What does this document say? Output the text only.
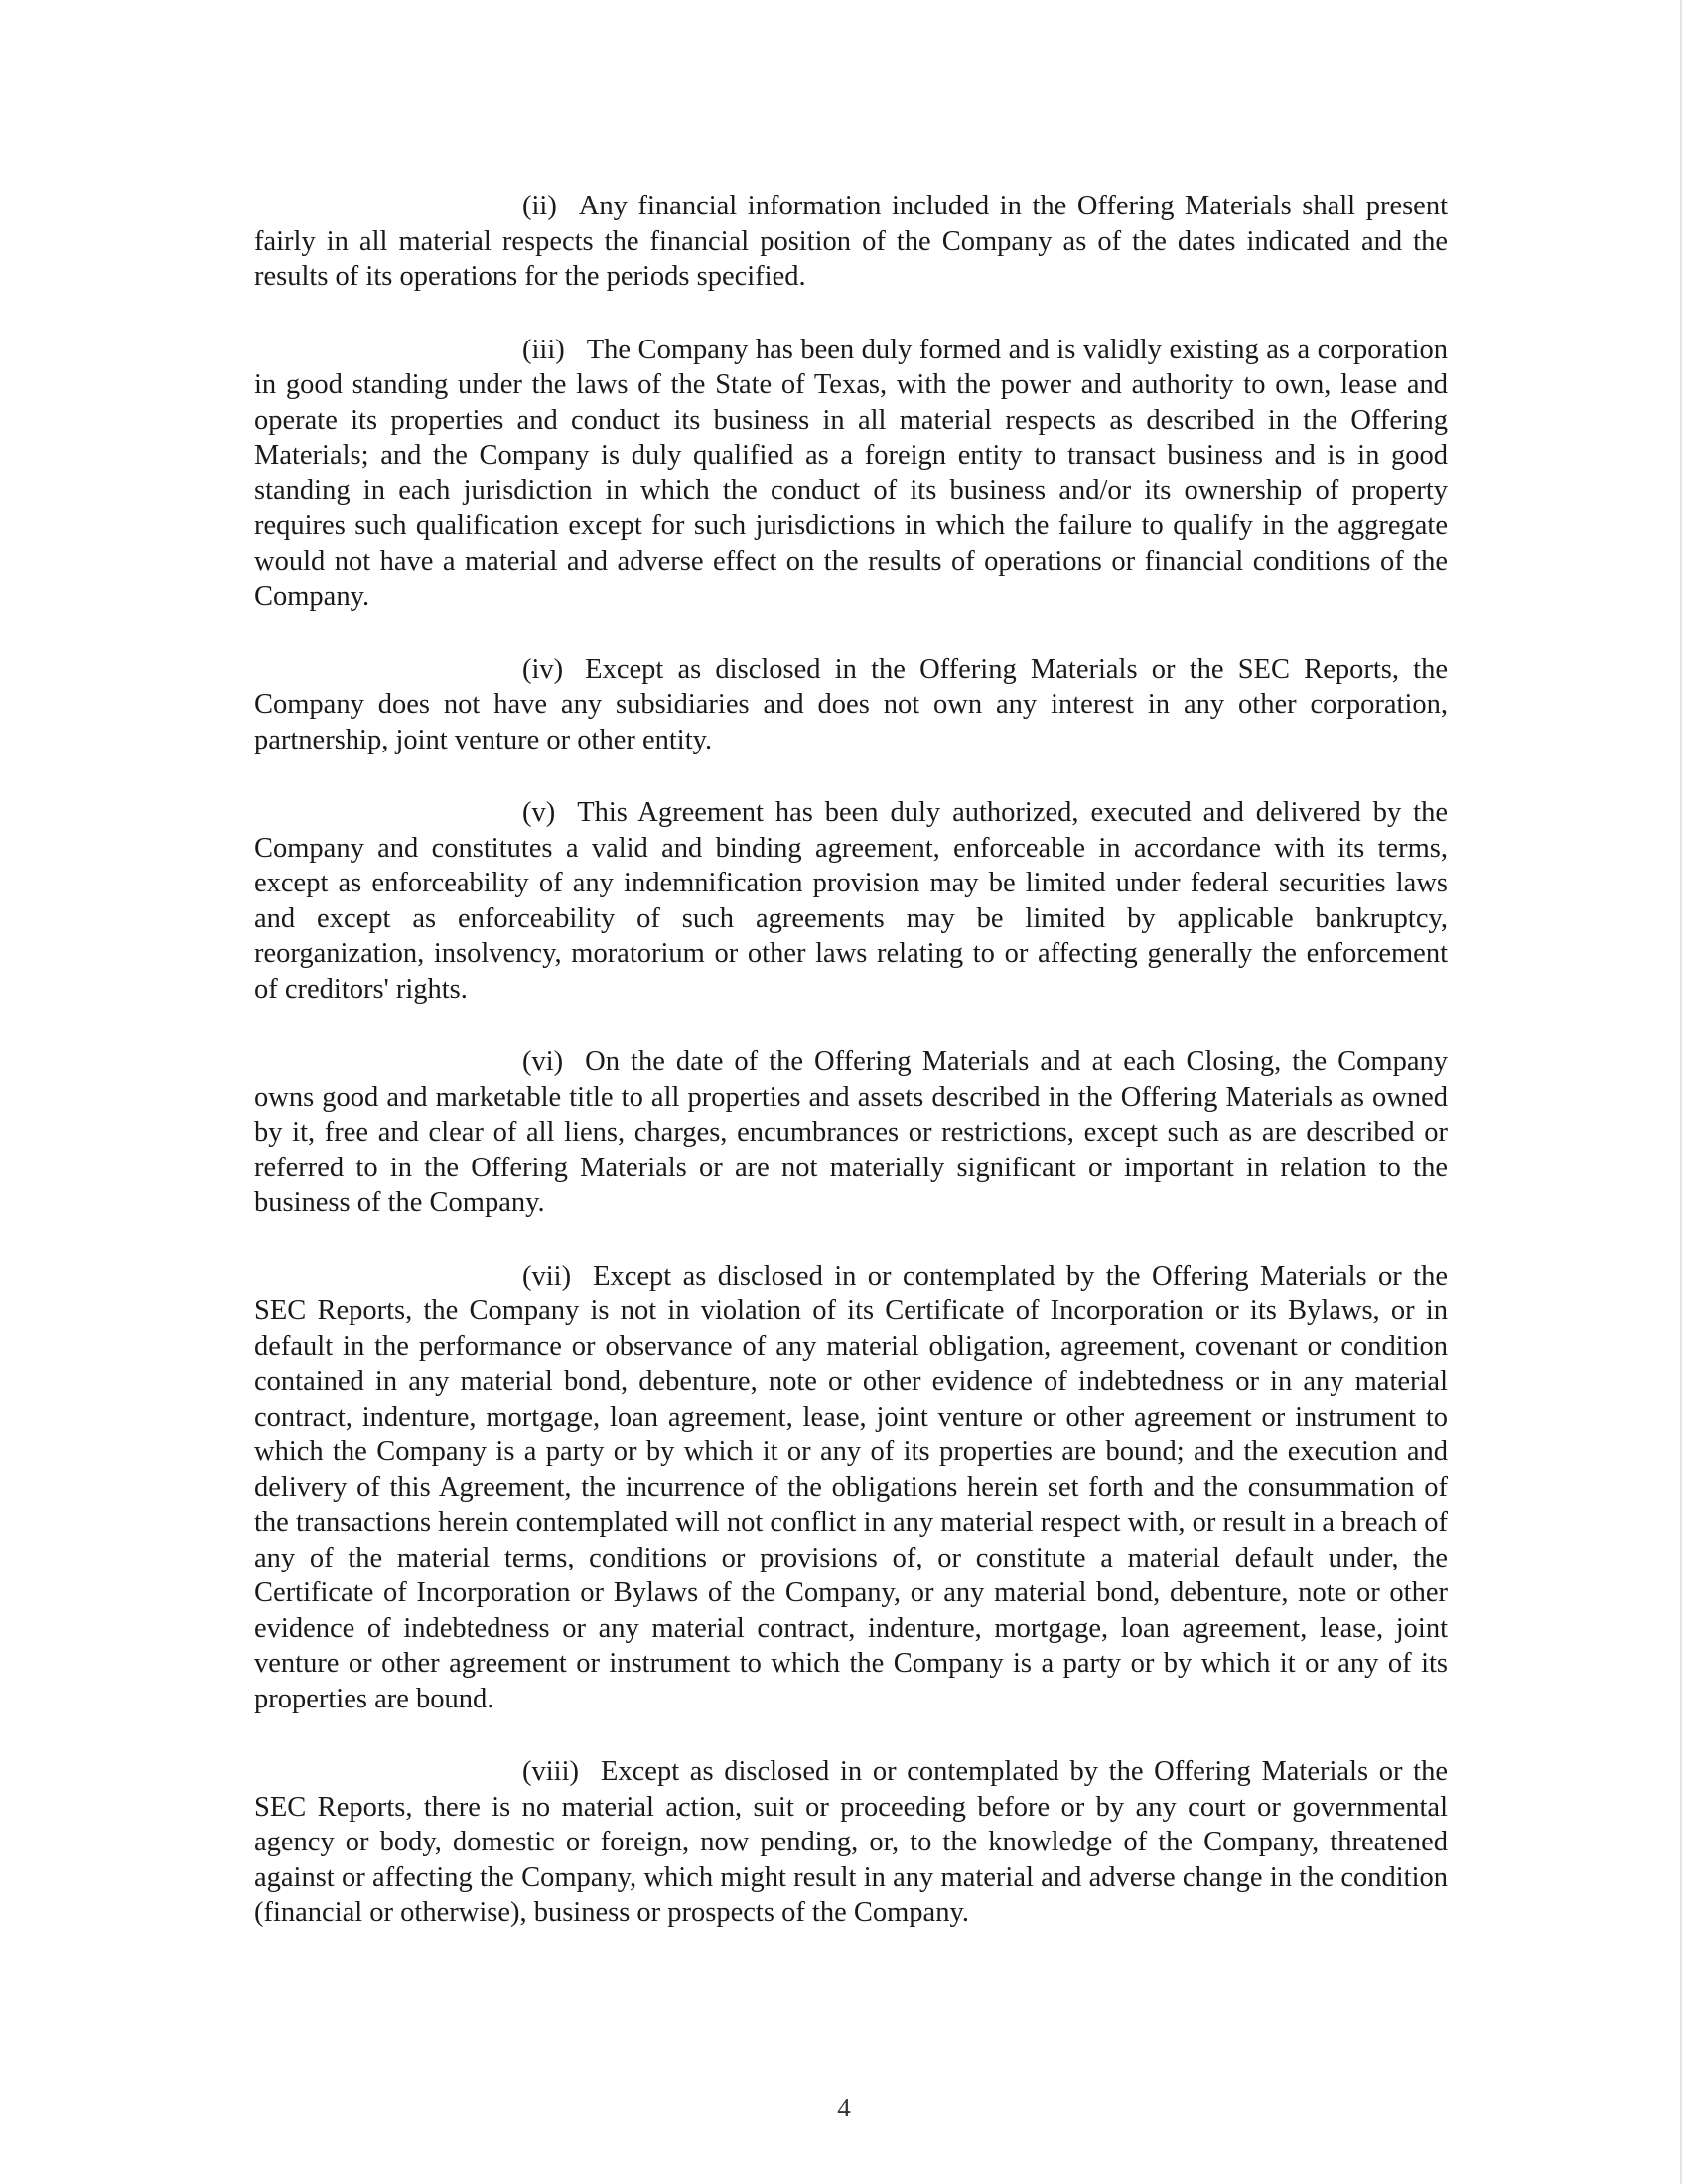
(ii) Any financial information included in the Offering Materials shall present fairly in all material respects the financial position of the Company as of the dates indicated and the results of its operations for the periods specified.

(iii) The Company has been duly formed and is validly existing as a corporation in good standing under the laws of the State of Texas, with the power and authority to own, lease and operate its properties and conduct its business in all material respects as described in the Offering Materials; and the Company is duly qualified as a foreign entity to transact business and is in good standing in each jurisdiction in which the conduct of its business and/or its ownership of property requires such qualification except for such jurisdictions in which the failure to qualify in the aggregate would not have a material and adverse effect on the results of operations or financial conditions of the Company.

(iv) Except as disclosed in the Offering Materials or the SEC Reports, the Company does not have any subsidiaries and does not own any interest in any other corporation, partnership, joint venture or other entity.

(v) This Agreement has been duly authorized, executed and delivered by the Company and constitutes a valid and binding agreement, enforceable in accordance with its terms, except as enforceability of any indemnification provision may be limited under federal securities laws and except as enforceability of such agreements may be limited by applicable bankruptcy, reorganization, insolvency, moratorium or other laws relating to or affecting generally the enforcement of creditors' rights.

(vi) On the date of the Offering Materials and at each Closing, the Company owns good and marketable title to all properties and assets described in the Offering Materials as owned by it, free and clear of all liens, charges, encumbrances or restrictions, except such as are described or referred to in the Offering Materials or are not materially significant or important in relation to the business of the Company.

(vii) Except as disclosed in or contemplated by the Offering Materials or the SEC Reports, the Company is not in violation of its Certificate of Incorporation or its Bylaws, or in default in the performance or observance of any material obligation, agreement, covenant or condition contained in any material bond, debenture, note or other evidence of indebtedness or in any material contract, indenture, mortgage, loan agreement, lease, joint venture or other agreement or instrument to which the Company is a party or by which it or any of its properties are bound; and the execution and delivery of this Agreement, the incurrence of the obligations herein set forth and the consummation of the transactions herein contemplated will not conflict in any material respect with, or result in a breach of any of the material terms, conditions or provisions of, or constitute a material default under, the Certificate of Incorporation or Bylaws of the Company, or any material bond, debenture, note or other evidence of indebtedness or any material contract, indenture, mortgage, loan agreement, lease, joint venture or other agreement or instrument to which the Company is a party or by which it or any of its properties are bound.

(viii) Except as disclosed in or contemplated by the Offering Materials or the SEC Reports, there is no material action, suit or proceeding before or by any court or governmental agency or body, domestic or foreign, now pending, or, to the knowledge of the Company, threatened against or affecting the Company, which might result in any material and adverse change in the condition (financial or otherwise), business or prospects of the Company.

4
